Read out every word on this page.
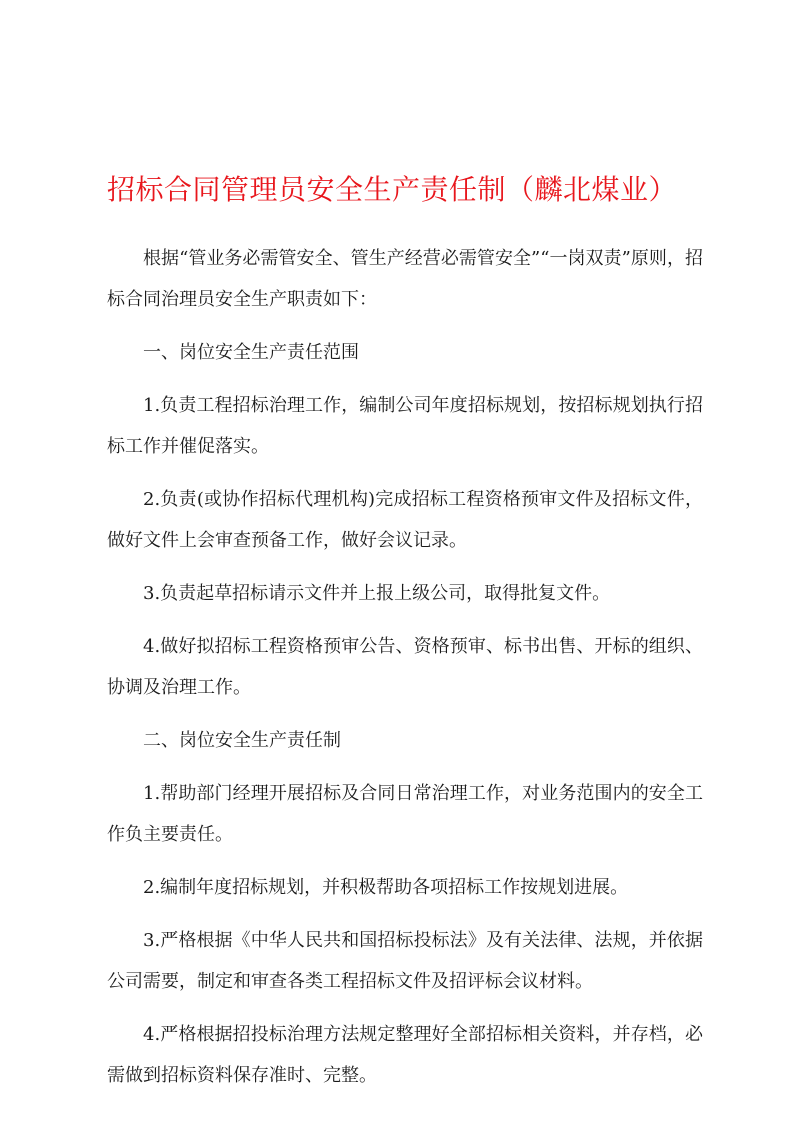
招标合同管理员安全生产责任制（麟北煤业）

根据“管业务必需管安全、管生产经营必需管安全”“一岗双责”原则，招标合同治理员安全生产职责如下：

一、岗位安全生产责任范围

1.负责工程招标治理工作，编制公司年度招标规划，按招标规划执行招标工作并催促落实。

2.负责(或协作招标代理机构)完成招标工程资格预审文件及招标文件，做好文件上会审查预备工作，做好会议记录。

3.负责起草招标请示文件并上报上级公司，取得批复文件。

4.做好拟招标工程资格预审公告、资格预审、标书出售、开标的组织、协调及治理工作。

二、岗位安全生产责任制

1.帮助部门经理开展招标及合同日常治理工作，对业务范围内的安全工作负主要责任。

2.编制年度招标规划，并积极帮助各项招标工作按规划进展。

3.严格根据《中华人民共和国招标投标法》及有关法律、法规，并依据公司需要，制定和审查各类工程招标文件及招评标会议材料。

4.严格根据招投标治理方法规定整理好全部招标相关资料，并存档，必需做到招标资料保存准时、完整。
